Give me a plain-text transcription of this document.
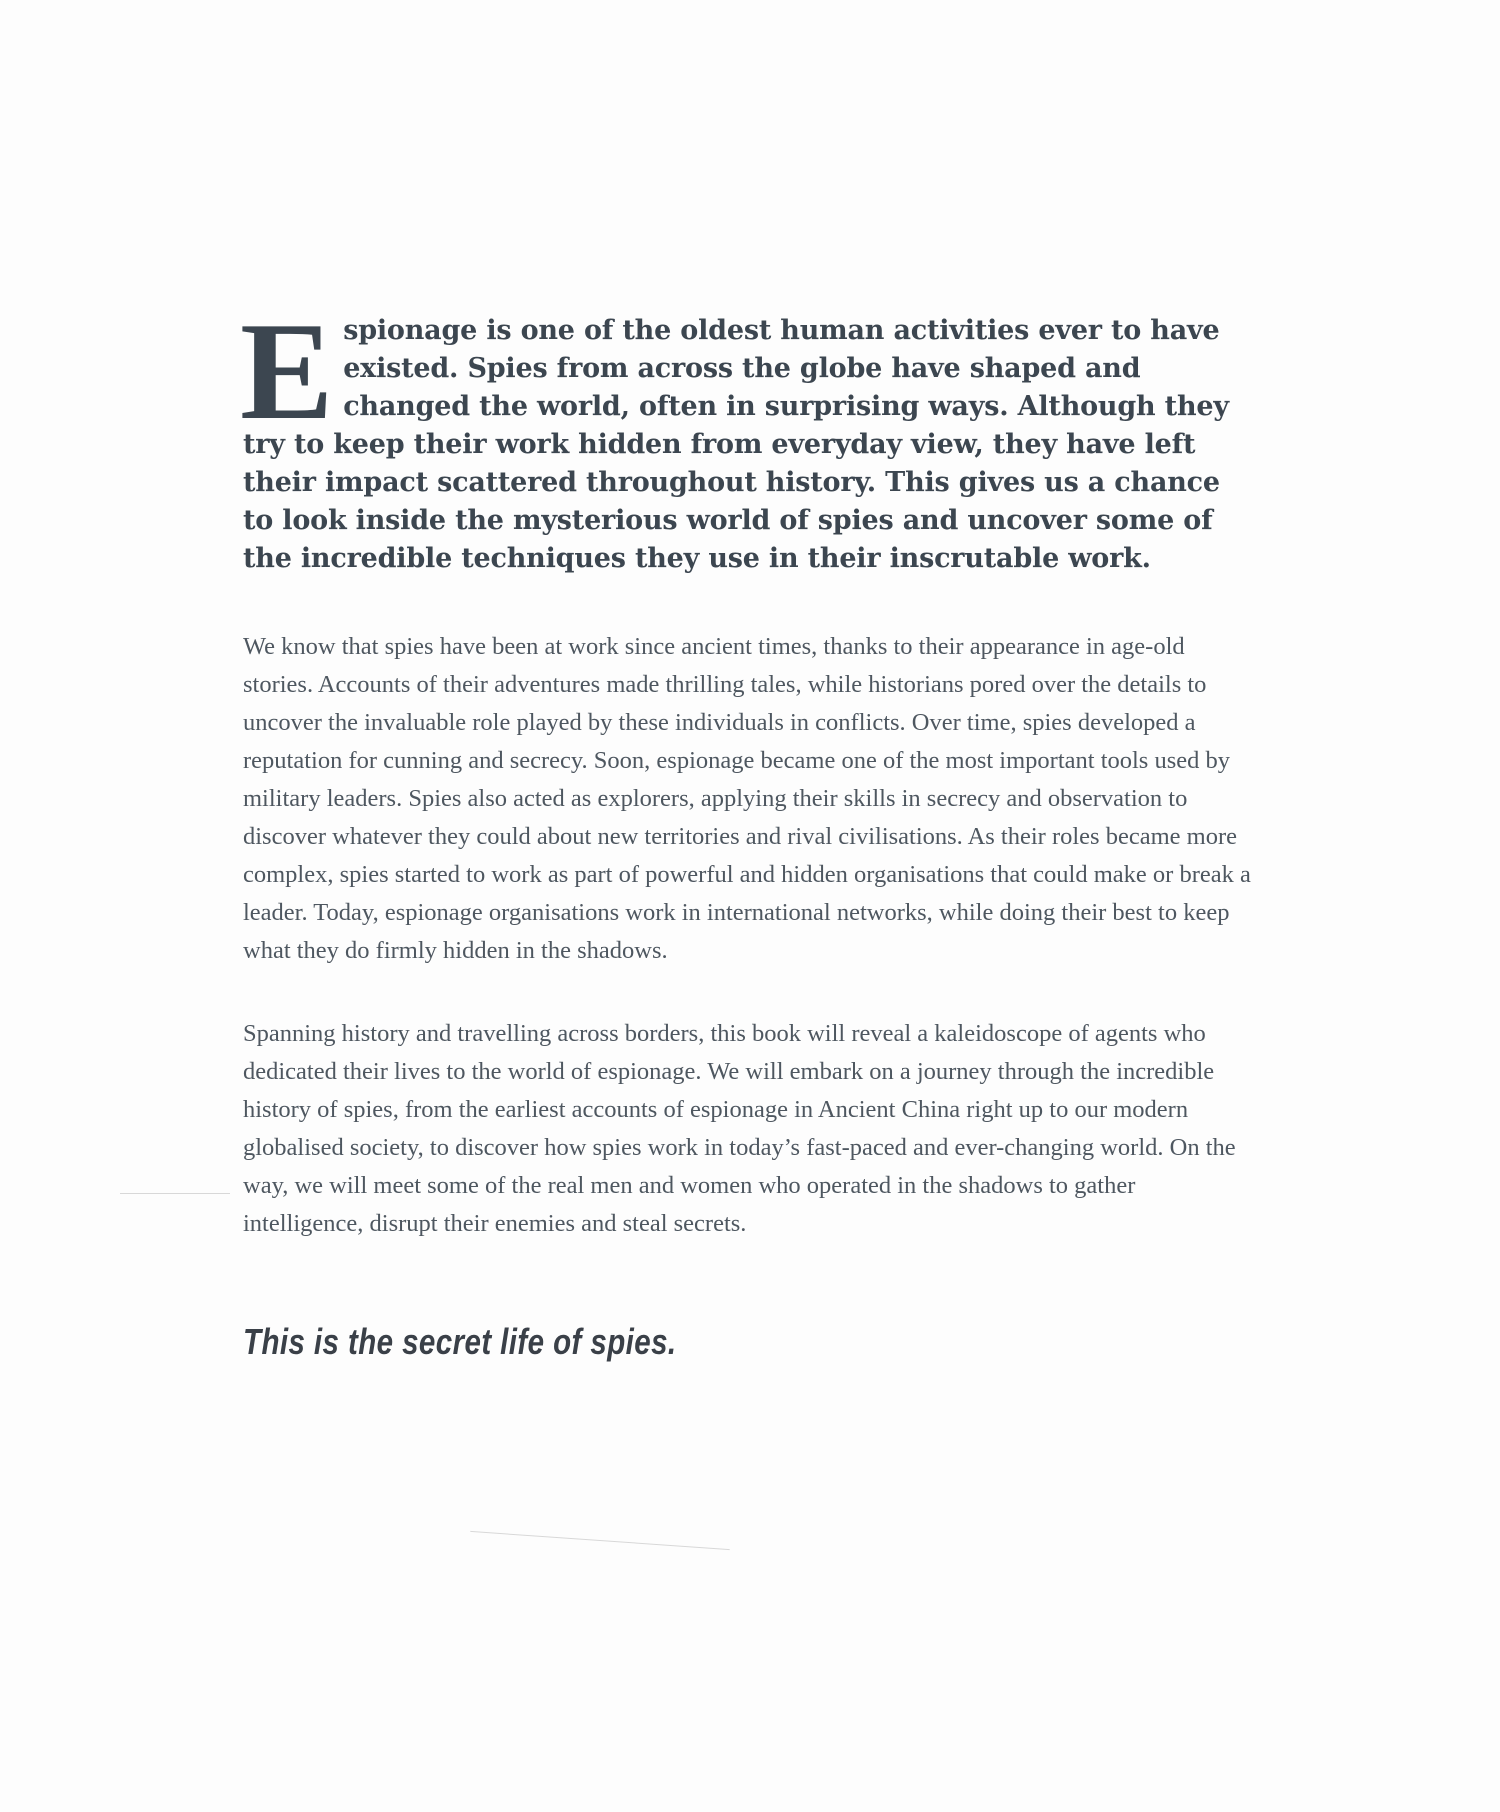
Espionage is one of the oldest human activities ever to have existed. Spies from across the globe have shaped and changed the world, often in surprising ways. Although they try to keep their work hidden from everyday view, they have left their impact scattered throughout history. This gives us a chance to look inside the mysterious world of spies and uncover some of the incredible techniques they use in their inscrutable work.

We know that spies have been at work since ancient times, thanks to their appearance in age-old stories. Accounts of their adventures made thrilling tales, while historians pored over the details to uncover the invaluable role played by these individuals in conflicts. Over time, spies developed a reputation for cunning and secrecy. Soon, espionage became one of the most important tools used by military leaders. Spies also acted as explorers, applying their skills in secrecy and observation to discover whatever they could about new territories and rival civilisations. As their roles became more complex, spies started to work as part of powerful and hidden organisations that could make or break a leader. Today, espionage organisations work in international networks, while doing their best to keep what they do firmly hidden in the shadows.

Spanning history and travelling across borders, this book will reveal a kaleidoscope of agents who dedicated their lives to the world of espionage. We will embark on a journey through the incredible history of spies, from the earliest accounts of espionage in Ancient China right up to our modern globalised society, to discover how spies work in today’s fast-paced and ever-changing world. On the way, we will meet some of the real men and women who operated in the shadows to gather intelligence, disrupt their enemies and steal secrets.

This is the secret life of spies.
